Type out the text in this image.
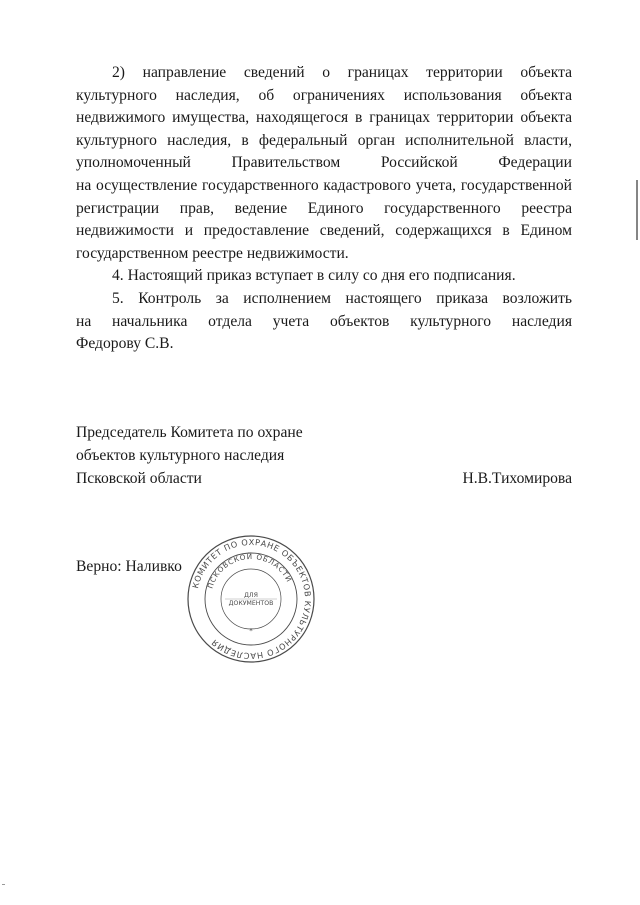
2) направление сведений о границах территории объекта
культурного наследия, об ограничениях использования объекта
недвижимого имущества, находящегося в границах территории объекта
культурного наследия, в федеральный орган исполнительной власти,
уполномоченный Правительством Российской Федерации
на осуществление государственного кадастрового учета, государственной
регистрации прав, ведение Единого государственного реестра
недвижимости и предоставление сведений, содержащихся в Едином
государственном реестре недвижимости.

4. Настоящий приказ вступает в силу со дня его подписания.

5. Контроль за исполнением настоящего приказа возложить
на начальника отдела учета объектов культурного наследия
Федорову С.В.

Председатель Комитета по охране
объектов культурного наследия
Псковской области	Н.В.Тихомирова
Верно: Наливко
КОМИТЕТ ПО ОХРАНЕ ОБЪЕКТОВ КУЛЬТУРНОГО НАСЛЕДИЯ
ПСКОВСКОЙ ОБЛАСТИ
ДЛЯ
ДОКУМЕНТОВ
*
